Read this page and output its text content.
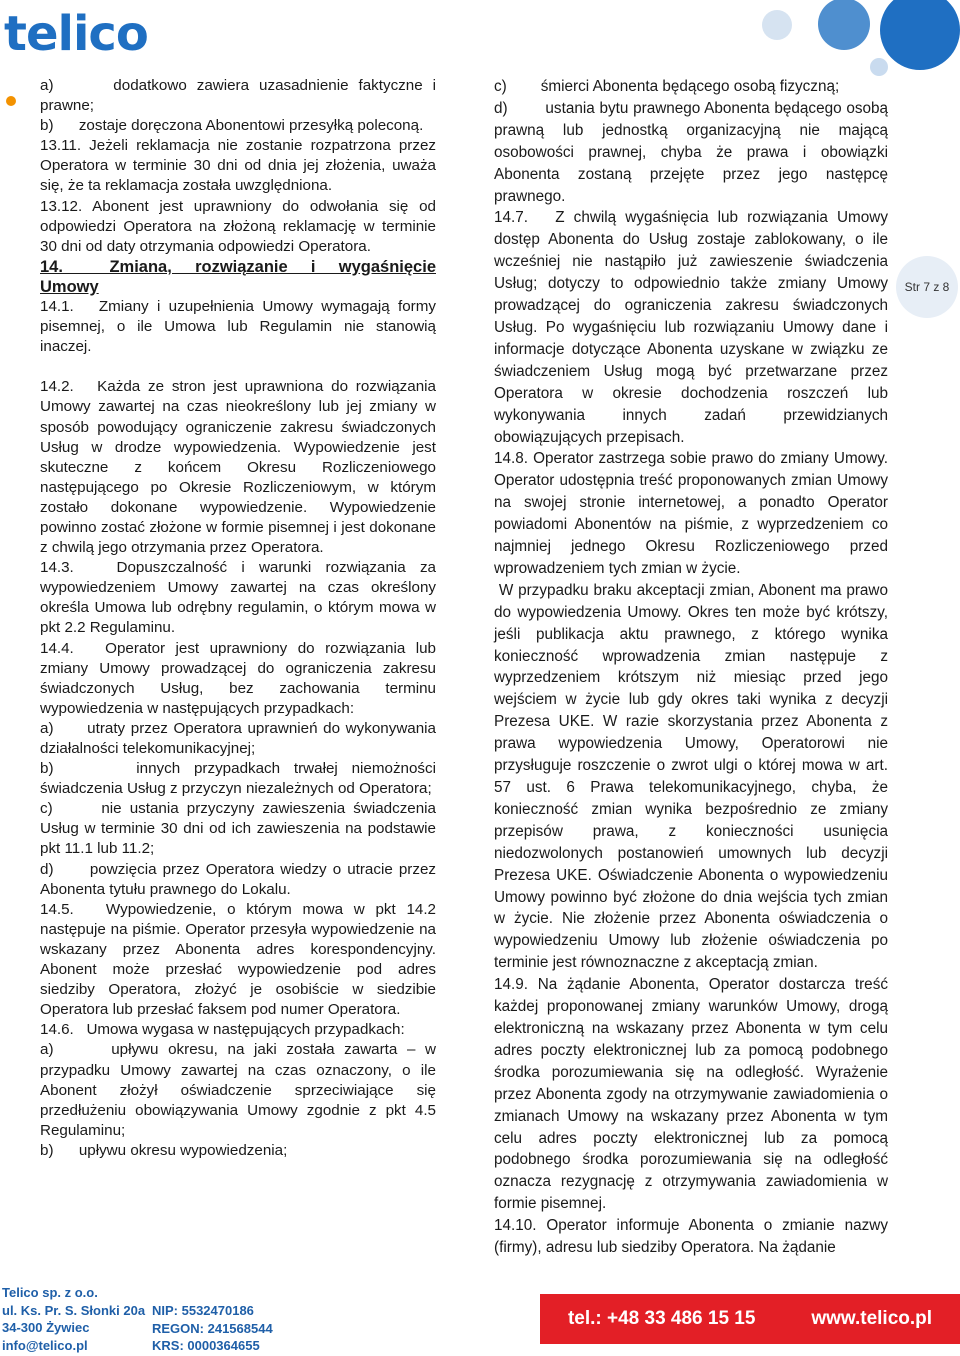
telico

a)      dodatkowo zawiera uzasadnienie faktyczne i prawne;

b)      zostaje doręczona Abonentowi przesyłką poleconą.

13.11. Jeżeli reklamacja nie zostanie rozpatrzona przez Operatora w terminie 30 dni od dnia jej złożenia, uważa się, że ta reklamacja została uwzględniona.

13.12. Abonent jest uprawniony do odwołania się od odpowiedzi Operatora na złożoną reklamację w terminie 30 dni od daty otrzymania odpowiedzi Operatora.

14.  Zmiana, rozwiązanie i wygaśnięcie

Umowy

14.1.   Zmiany i uzupełnienia Umowy wymagają formy pisemnej, o ile Umowa lub Regulamin nie stanowią inaczej.

14.2.   Każda ze stron jest uprawniona do rozwiązania Umowy zawartej na czas nieokreślony lub jej zmiany w sposób powodujący ograniczenie zakresu świadczonych Usług w drodze wypowiedzenia. Wypowiedzenie jest skuteczne z końcem Okresu Rozliczeniowego następującego po Okresie Rozliczeniowym, w którym zostało dokonane wypowiedzenie. Wypowiedzenie powinno zostać złożone w formie pisemnej i jest dokonane z chwilą jego otrzymania przez Operatora.

14.3.   Dopuszczalność i warunki rozwiązania za wypowiedzeniem Umowy zawartej na czas określony określa Umowa lub odrębny regulamin, o którym mowa w pkt 2.2 Regulaminu.

14.4.   Operator jest uprawniony do rozwiązania lub zmiany Umowy prowadzącej do ograniczenia zakresu świadczonych Usług, bez zachowania terminu wypowiedzenia w następujących przypadkach:

a)      utraty przez Operatora uprawnień do wykonywania działalności telekomunikacyjnej;

b)      innych przypadkach trwałej niemożności świadczenia Usług z przyczyn niezależnych od Operatora;

c)      nie ustania przyczyny zawieszenia świadczenia Usług w terminie 30 dni od ich zawieszenia na podstawie pkt 11.1 lub 11.2;

d)      powzięcia przez Operatora wiedzy o utracie przez Abonenta tytułu prawnego do Lokalu.

14.5.   Wypowiedzenie, o którym mowa w pkt 14.2 następuje na piśmie. Operator przesyła wypowiedzenie na wskazany przez Abonenta adres korespondencyjny. Abonent może przesłać wypowiedzenie pod adres siedziby Operatora, złożyć je osobiście w siedzibie Operatora lub przesłać faksem pod numer Operatora.

14.6.   Umowa wygasa w następujących przypadkach:

a)      upływu okresu, na jaki została zawarta – w przypadku Umowy zawartej na czas oznaczony, o ile Abonent złożył oświadczenie sprzeciwiające się przedłużeniu obowiązywania Umowy zgodnie z pkt 4.5 Regulaminu;

b)      upływu okresu wypowiedzenia;

c)        śmierci Abonenta będącego osobą fizyczną;

d)        ustania bytu prawnego Abonenta będącego osobą prawną lub jednostką organizacyjną nie mającą osobowości prawnej, chyba że prawa i obowiązki Abonenta zostaną przejęte przez jego następcę prawnego.

14.7.   Z chwilą wygaśnięcia lub rozwiązania Umowy dostęp Abonenta do Usług zostaje zablokowany, o ile wcześniej nie nastąpiło już zawieszenie świadczenia Usług; dotyczy to odpowiednio także zmiany Umowy prowadzącej do ograniczenia zakresu świadczonych Usług. Po wygaśnięciu lub rozwiązaniu Umowy dane i informacje dotyczące Abonenta uzyskane w związku ze świadczeniem Usług mogą być przetwarzane przez Operatora w okresie dochodzenia roszczeń lub wykonywania innych zadań przewidzianych obowiązujących przepisach.

14.8. Operator zastrzega sobie prawo do zmiany Umowy. Operator udostępnia treść proponowanych zmian Umowy na swojej stronie internetowej, a ponadto Operator powiadomi Abonentów na piśmie, z wyprzedzeniem co najmniej jednego Okresu Rozliczeniowego przed wprowadzeniem tych zmian w życie.

W przypadku braku akceptacji zmian, Abonent ma prawo do wypowiedzenia Umowy. Okres ten może być krótszy, jeśli publikacja aktu prawnego, z którego wynika konieczność wprowadzenia zmian następuje z wyprzedzeniem krótszym niż miesiąc przed jego wejściem w życie lub gdy okres taki wynika z decyzji Prezesa UKE. W razie skorzystania przez Abonenta z prawa wypowiedzenia Umowy, Operatorowi nie przysługuje roszczenie o zwrot ulgi o której mowa w art. 57 ust. 6 Prawa telekomunikacyjnego, chyba, że konieczność zmian wynika bezpośrednio ze zmiany przepisów prawa, z konieczności usunięcia niedozwolonych postanowień umownych lub decyzji Prezesa UKE. Oświadczenie Abonenta o wypowiedzeniu Umowy powinno być złożone do dnia wejścia tych zmian w życie. Nie złożenie przez Abonenta oświadczenia o wypowiedzeniu Umowy lub złożenie oświadczenia po terminie jest równoznaczne z akceptacją zmian.

14.9. Na żądanie Abonenta, Operator dostarcza treść każdej proponowanej zmiany warunków Umowy, drogą elektroniczną na wskazany przez Abonenta w tym celu adres poczty elektronicznej lub za pomocą podobnego środka porozumiewania się na odległość. Wyrażenie przez Abonenta zgody na otrzymywanie zawiadomienia o zmianach Umowy na wskazany przez Abonenta w tym celu adres poczty elektronicznej lub za pomocą podobnego środka porozumiewania się na odległość oznacza rezygnację z otrzymywania zawiadomienia w formie pisemnej.

14.10. Operator informuje Abonenta o zmianie nazwy (firmy), adresu lub siedziby Operatora. Na żądanie

Str 7 z 8
Telico sp. z o.o.
ul. Ks. Pr. S. Słonki 20a
34-300 Żywiec
info@telico.pl
NIP: 5532470186
REGON: 241568544
KRS: 0000364655
tel.: +48 33 486 15 15	www.telico.pl
